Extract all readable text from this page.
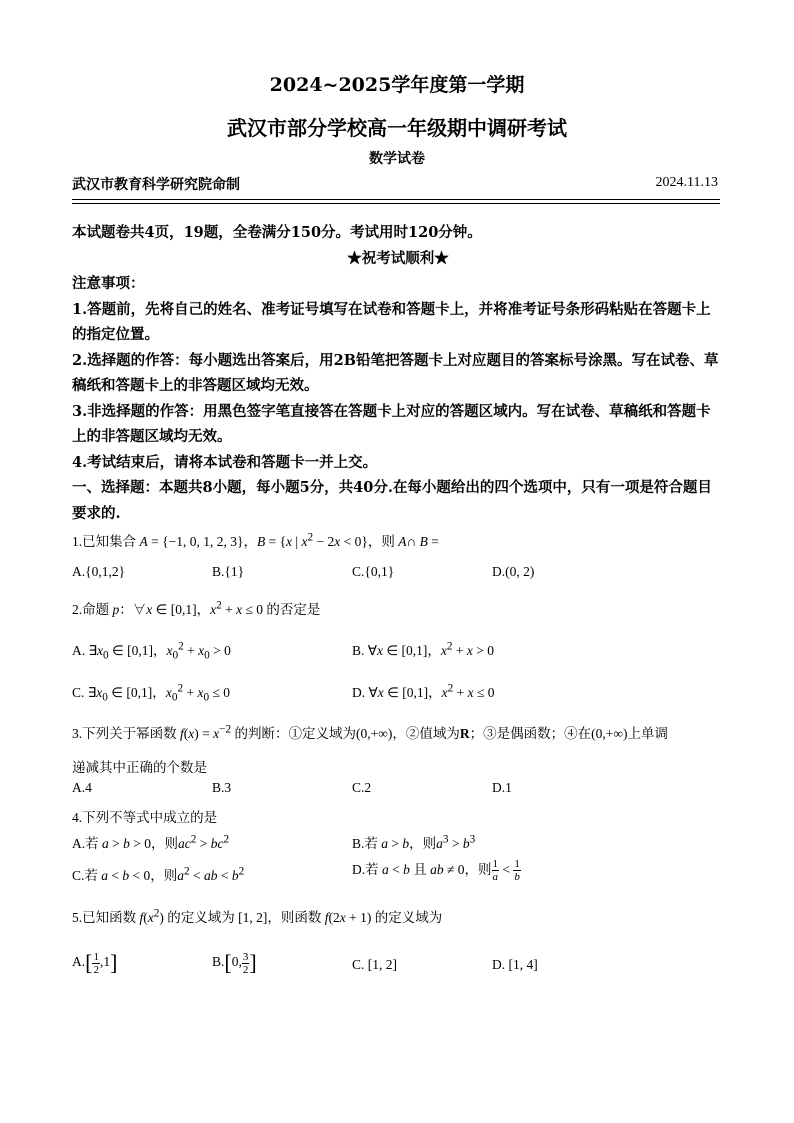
2024~2025学年度第一学期
武汉市部分学校高一年级期中调研考试
数学试卷
武汉市教育科学研究院命制	2024.11.13

本试题卷共4页，19题，全卷满分150分。考试用时120分钟。

★祝考试顺利★

注意事项：

1.答题前，先将自己的姓名、准考证号填写在试卷和答题卡上，并将准考证号条形码粘贴在答题卡上的指定位置。

2.选择题的作答：每小题选出答案后，用2B铅笔把答题卡上对应题目的答案标号涂黑。写在试卷、草稿纸和答题卡上的非答题区域均无效。

3.非选择题的作答：用黑色签字笔直接答在答题卡上对应的答题区域内。写在试卷、草稿纸和答题卡上的非答题区域均无效。

4.考试结束后，请将本试卷和答题卡一并上交。

一、选择题：本题共8小题，每小题5分，共40分.在每小题给出的四个选项中，只有一项是符合题目要求的.

1.已知集合 A = {−1, 0, 1, 2, 3}，B = {x | $x^2 - 2x < 0$}，则 A∩ B =
A.{0,1,2}	B.{1}	C.{0,1}	D.(0, 2)
2.命题 p：∀x ∈ [0,1]，$x^2 + x \le 0$ 的否定是
A. $\exists x_0$ ∈ [0,1]，$x_0^2 + x_0 > 0$	B. ∀x ∈ [0,1]，$x^2 + x > 0$
C. $\exists x_0$ ∈ [0,1]，$x_0^2 + x_0 \le 0$	D. ∀x ∈ [0,1]，$x^2 + x \le 0$
3.下列关于幂函数 $f(x) = x^{-2}$ 的判断：①定义域为(0,+∞)，②值域为R；③是偶函数；④在(0,+∞)上单调
递减其中正确的个数是
A.4	B.3	C.2	D.1
4.下列不等式中成立的是
A.若 a > b > 0，则$ac^2 > bc^2$	B.若 a > b，则$a^3 > b^3$
C.若 a < b < 0，则$a^2$ < ab < $b^2$	D.若 a < b 且 ab ≠ 0，则 $\frac{1}{a} < \frac{1}{b}$
5.已知函数 $f(x^2)$ 的定义域为 [1, 2]，则函数 f(2x + 1) 的定义域为
$A.[ \frac{1}{2} ,1]$	B.[0, $\frac{3}{2}$ ]	C. [1, 2]	D. [1, 4]
